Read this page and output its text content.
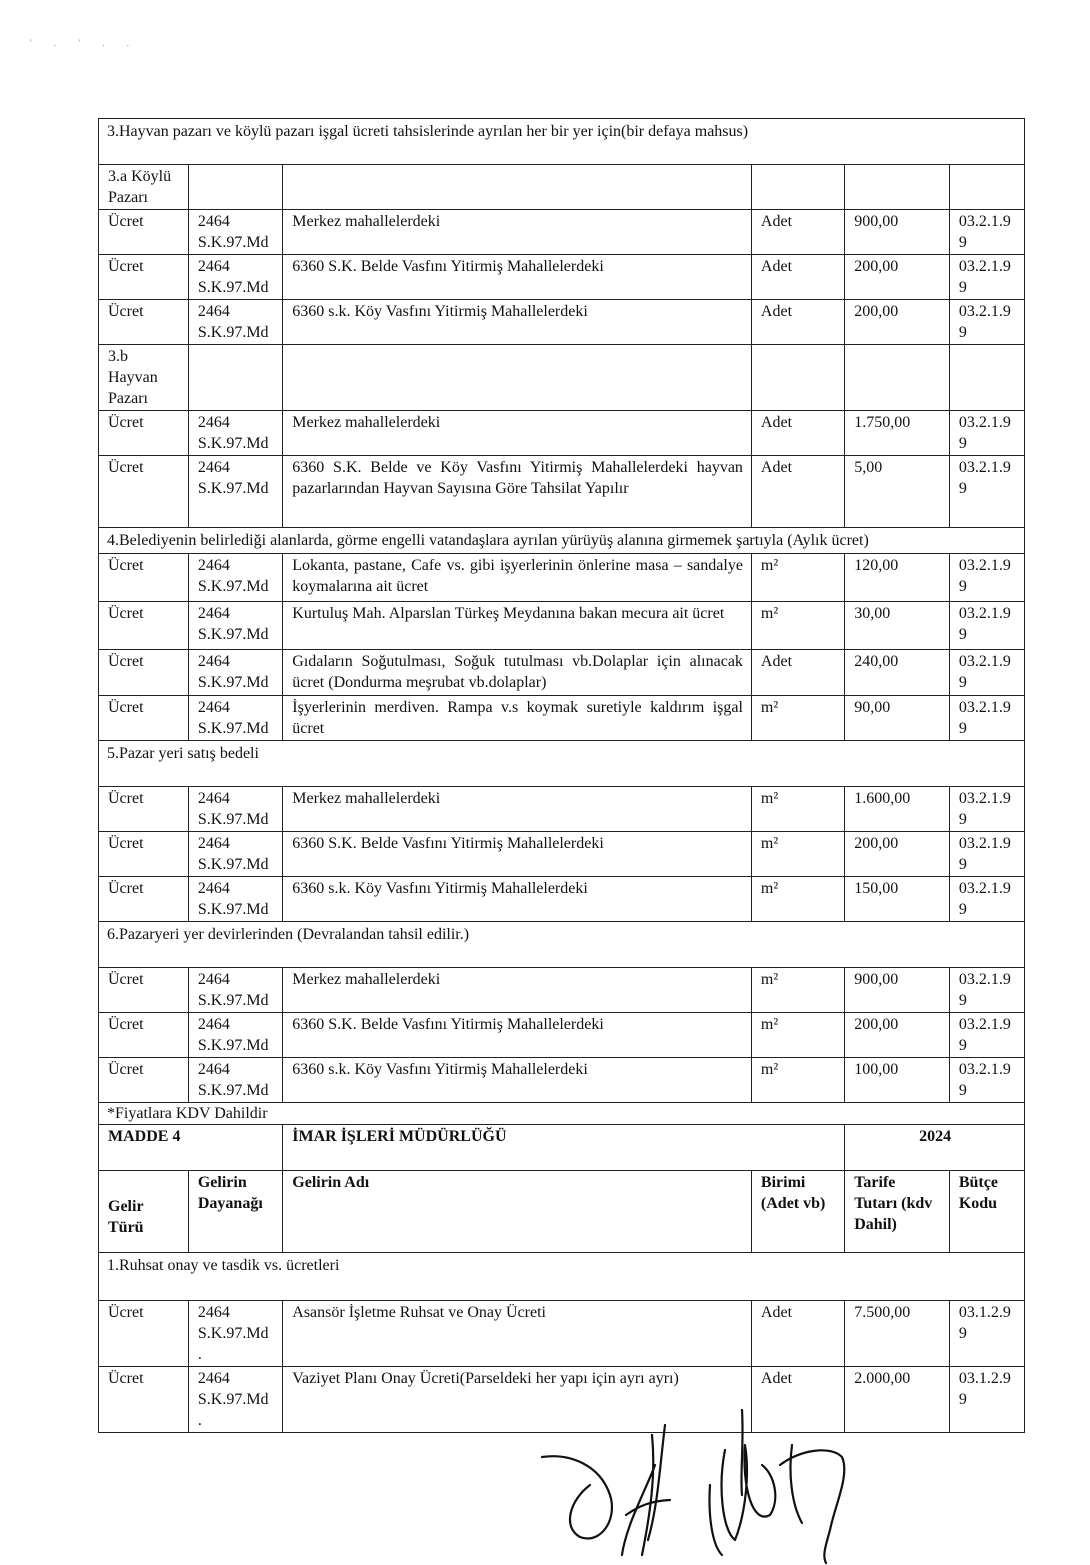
' . ' . .
3.Hayvan pazarı ve köylü pazarı işgal ücreti tahsislerinde ayrılan her bir yer için(bir defaya mahsus)					
3.a Köylü Pazarı					
Ücret	2464 S.K.97.Md	Merkez mahallelerdeki	Adet	900,00	03.2.1.9 9
Ücret	2464 S.K.97.Md	6360 S.K. Belde Vasfını Yitirmiş Mahallelerdeki	Adet	200,00	03.2.1.9 9
Ücret	2464 S.K.97.Md	6360 s.k. Köy Vasfını Yitirmiş Mahallelerdeki	Adet	200,00	03.2.1.9 9
3.b Hayvan Pazarı					
Ücret	2464 S.K.97.Md	Merkez mahallelerdeki	Adet	1.750,00	03.2.1.9 9
Ücret	2464 S.K.97.Md	6360 S.K. Belde ve Köy Vasfını Yitirmiş Mahallelerdeki hayvan pazarlarından Hayvan Sayısına Göre Tahsilat Yapılır	Adet	5,00	03.2.1.9 9
4.Belediyenin belirlediği alanlarda, görme engelli vatandaşlara ayrılan yürüyüş alanına girmemek şartıyla (Aylık ücret)					
Ücret	2464 S.K.97.Md	Lokanta, pastane, Cafe vs. gibi işyerlerinin önlerine masa – sandalye koymalarına ait ücret	m²	120,00	03.2.1.9 9
Ücret	2464 S.K.97.Md	Kurtuluş Mah. Alparslan Türkeş Meydanına bakan mecura ait ücret	m²	30,00	03.2.1.9 9
Ücret	2464 S.K.97.Md	Gıdaların Soğutulması, Soğuk tutulması vb.Dolaplar için alınacak ücret (Dondurma meşrubat vb.dolaplar)	Adet	240,00	03.2.1.9 9
Ücret	2464 S.K.97.Md	İşyerlerinin merdiven. Rampa v.s koymak suretiyle kaldırım işgal ücret	m²	90,00	03.2.1.9 9
5.Pazar yeri satış bedeli					
Ücret	2464 S.K.97.Md	Merkez mahallelerdeki	m²	1.600,00	03.2.1.9 9
Ücret	2464 S.K.97.Md	6360 S.K. Belde Vasfını Yitirmiş Mahallelerdeki	m²	200,00	03.2.1.9 9
Ücret	2464 S.K.97.Md	6360 s.k. Köy Vasfını Yitirmiş Mahallelerdeki	m²	150,00	03.2.1.9 9
6.Pazaryeri yer devirlerinden (Devralandan tahsil edilir.)					
Ücret	2464 S.K.97.Md	Merkez mahallelerdeki	m²	900,00	03.2.1.9 9
Ücret	2464 S.K.97.Md	6360 S.K. Belde Vasfını Yitirmiş Mahallelerdeki	m²	200,00	03.2.1.9 9
Ücret	2464 S.K.97.Md	6360 s.k. Köy Vasfını Yitirmiş Mahallelerdeki	m²	100,00	03.2.1.9 9
*Fiyatlara KDV Dahildir					
MADDE 4		İMAR İŞLERİ MÜDÜRLÜĞÜ		2024	
Gelir Türü	Gelirin Dayanağı	Gelirin Adı	Birimi (Adet vb)	Tarife Tutarı (kdv Dahil)	Bütçe Kodu
1.Ruhsat onay ve tasdik vs. ücretleri					
Ücret	2464 S.K.97.Md .	Asansör İşletme Ruhsat ve Onay Ücreti	Adet	7.500,00	03.1.2.9 9
Ücret	2464 S.K.97.Md .	Vaziyet Planı Onay Ücreti(Parseldeki her yapı için ayrı ayrı)	Adet	2.000,00	03.1.2.9 9
